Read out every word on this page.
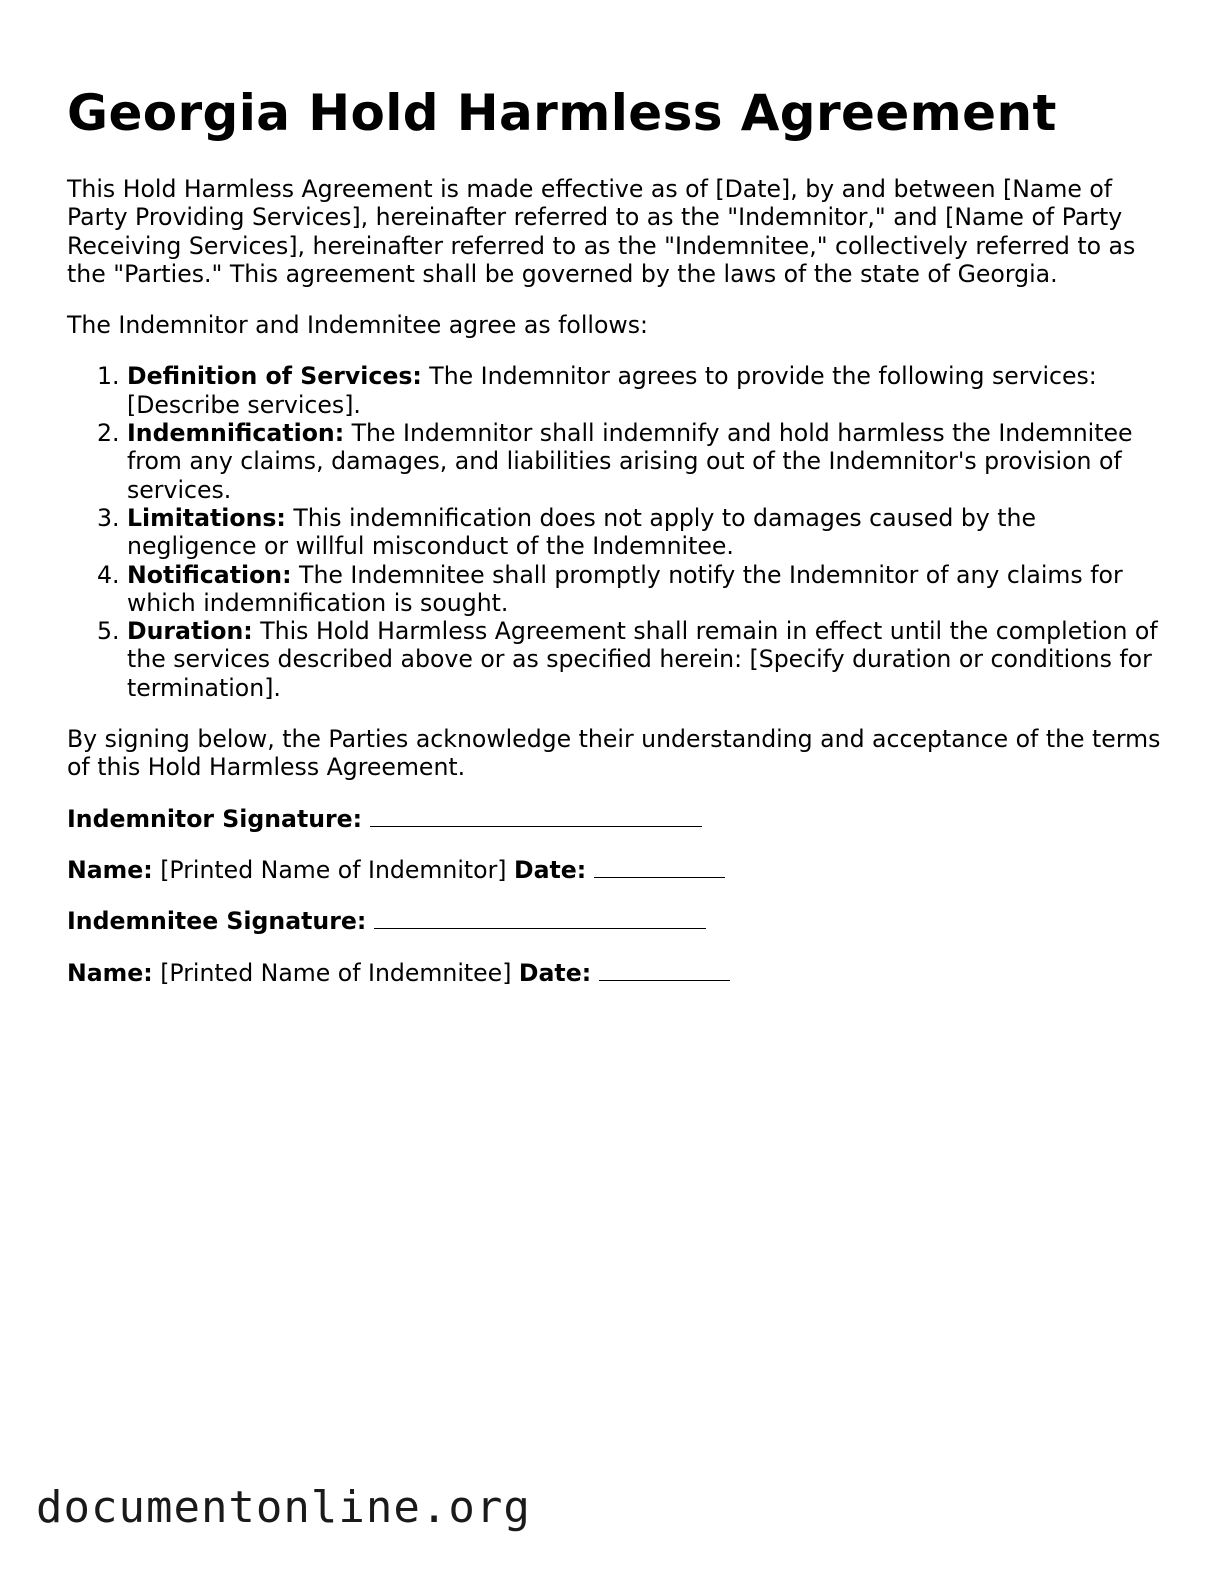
Georgia Hold Harmless Agreement

This Hold Harmless Agreement is made effective as of [Date], by and between [Name of Party Providing Services], hereinafter referred to as the "Indemnitor," and [Name of Party Receiving Services], hereinafter referred to as the "Indemnitee," collectively referred to as the "Parties." This agreement shall be governed by the laws of the state of Georgia.

The Indemnitor and Indemnitee agree as follows:

1. Definition of Services: The Indemnitor agrees to provide the following services: [Describe services].
2. Indemnification: The Indemnitor shall indemnify and hold harmless the Indemnitee from any claims, damages, and liabilities arising out of the Indemnitor's provision of services.
3. Limitations: This indemnification does not apply to damages caused by the negligence or willful misconduct of the Indemnitee.
4. Notification: The Indemnitee shall promptly notify the Indemnitor of any claims for which indemnification is sought.
5. Duration: This Hold Harmless Agreement shall remain in effect until the completion of the services described above or as specified herein: [Specify duration or conditions for termination].

By signing below, the Parties acknowledge their understanding and acceptance of the terms of this Hold Harmless Agreement.

Indemnitor Signature:

Name: [Printed Name of Indemnitor] Date:

Indemnitee Signature:

Name: [Printed Name of Indemnitee] Date:

documentonline.org
